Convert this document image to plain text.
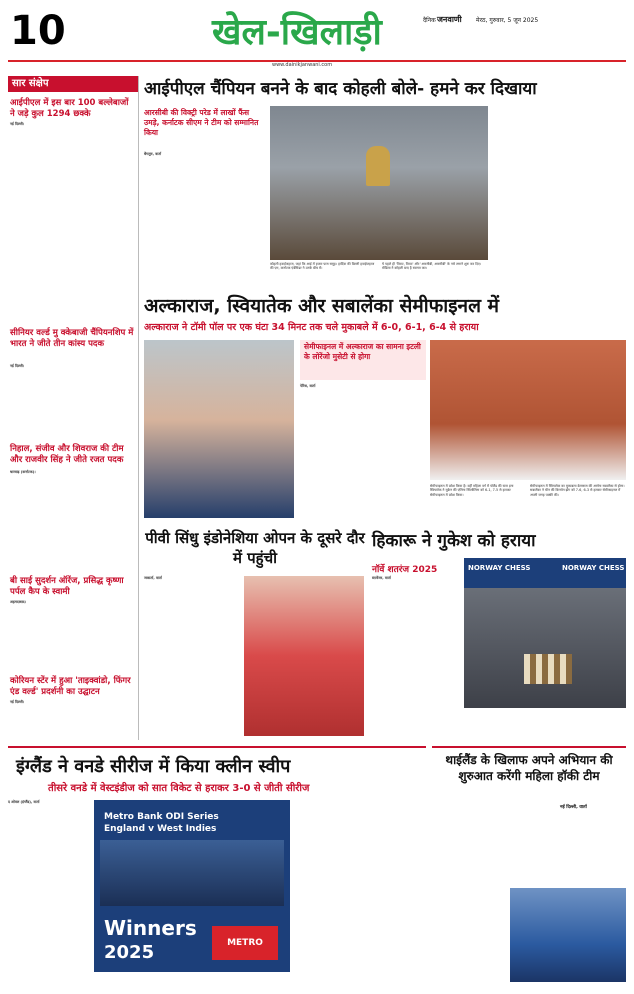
10	खेल-खिलाड़ी	दैनिक जनवाणी मेरठ, गुरुवार, 5 जून 2025
www.dainikjanwani.com
सार संक्षेप
आईपीएल में इस बार 100 बल्लेबाजों ने जड़े कुल 1294 छक्के
नई दिल्ली।
सीनियर वर्ल्ड मु क्केबाजी चैंपियनशिप में भारत ने जीते तीन कांस्य पदक
नई दिल्ली।
निहाल, संजीव और शिवराज की टीम और राजवीर सिंह ने जीते रजत पदक
धारवाड़ (कर्नाटक)।
बी साई सुदर्शन ऑरेंज, प्रसिद्ध कृष्णा पर्पल कैप के स्वामी
अहमदाबाद।
कोरियन स्टेंर में हुआ 'ताइक्वांडो, फिंगर एंड वर्ल्ड' प्रदर्शनी का उद्घाटन
नई दिल्ली।
आईपीएल चैंपियन बनने के बाद कोहली बोले- हमने कर दिखाया
आरसीबी की विक्ट्री परेड में लाखों फैंस उमड़े, कर्नाटक सीएम ने टीम को सम्मानित किया
बेंगलुरु, वार्ता
कोहली हवाईजहाज, जहां कि आई में हजार पास समूह। हार्दिक की बिल्ली हवाईजहाज की एम, कर्नाटक एंबेसिडर ने उनके बीच में।
ये पहले ही 'विराट, विराट' और 'आरसीबी, आरसीबी' के नारे लगाने शुरू कर दिए। मीडिया ने कोहली बन्द है स्वागत कर।
अल्काराज, स्वियातेक और सबालेंका सेमीफाइनल में
अल्काराज ने टॉमी पॉल पर एक घंटा 34 मिनट तक चले मुकाबले में 6-0, 6-1, 6-4 से हराया
सेमीफाइनल में अल्काराज का सामना इटली के लोरेंजो मुसेटी से होगा
पेरिस, वार्ता
सेमीफाइनल में प्रवेश किया है। वहीं महिला वर्ग में पोलैंड की स्टार इगा स्वियातेक ने यूक्रेन की एलिना स्वितोलिना को 6-1, 7-5 से हराकर सेमीफाइनल में प्रवेश किया।
सेमीफाइनल में स्वियातेक का मुकाबला बेलारूस की आर्यना सबालेंका से होगा। सबालेंका ने चीन की किनवेन झेंग को 7-6, 6-3 से हराकर सेमीफाइनल में अपनी जगह पक्की की।
पीवी सिंधु इंडोनेशिया ओपन के दूसरे दौर में पहुंची
जकार्ता, वार्ता
हिकारू ने गुकेश को हराया
नॉर्वे शतरंज 2025
स्टावेंजर, वार्ता
NORWAY CHESS	NORWAY CHESS
इंग्लैंड ने वनडे सीरीज में किया क्लीन स्वीप
तीसरे वनडे में वेस्टइंडीज को सात विकेट से हराकर 3-0 से जीती सीरीज
द ओवल (इंग्लैंड), वार्ता
Metro Bank ODI Series
England v West Indies
Winners
2025	METRO BANK
थाईलैंड के खिलाफ अपने अभियान की शुरुआत करेंगी महिला हॉकी टीम
नई दिल्ली, वार्ता
